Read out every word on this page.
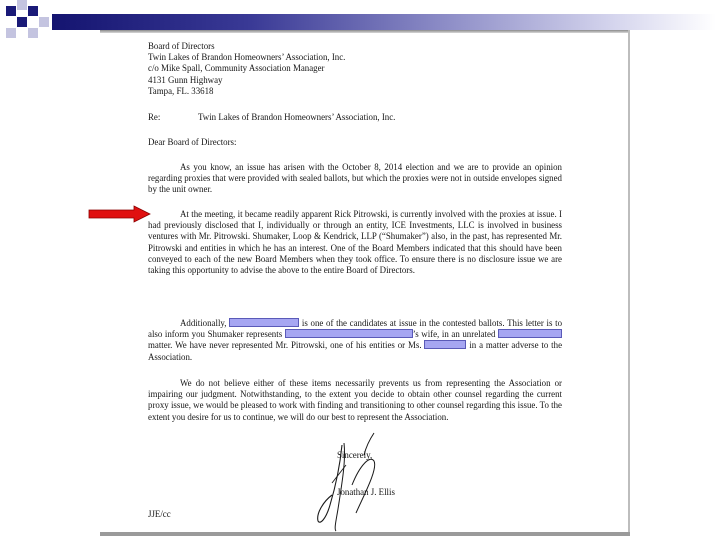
Board of Directors
Twin Lakes of Brandon Homeowners’ Association, Inc.
c/o Mike Spall, Community Association Manager
4131 Gunn Highway
Tampa, FL. 33618
Re:	Twin Lakes of Brandon Homeowners’ Association, Inc.
Dear Board of Directors:
As you know, an issue has arisen with the October 8, 2014 election and we are to provide an opinion regarding proxies that were provided with sealed ballots, but which the proxies were not in outside envelopes signed by the unit owner.
At the meeting, it became readily apparent Rick Pitrowski, is currently involved with the proxies at issue. I had previously disclosed that I, individually or through an entity, ICE Investments, LLC is involved in business ventures with Mr. Pitrowski. Shumaker, Loop & Kendrick, LLP (“Shumaker”) also, in the past, has represented Mr. Pitrowski and entities in which he has an interest. One of the Board Members indicated that this should have been conveyed to each of the new Board Members when they took office. To ensure there is no disclosure issue we are taking this opportunity to advise the above to the entire Board of Directors.
Additionally,	is one of the candidates at issue in the contested ballots. This letter is to also inform you Shumaker represents	’s wife, in an unrelated  matter. We have never represented Mr. Pitrowski, one of his entities or Ms.	in a matter adverse to the Association.
We do not believe either of these items necessarily prevents us from representing the Association or impairing our judgment. Notwithstanding, to the extent you decide to obtain other counsel regarding the current proxy issue, we would be pleased to work with finding and transitioning to other counsel regarding this issue. To the extent you desire for us to continue, we will do our best to represent the Association.
Sincerely,
Jonathan J. Ellis
JJE/cc
